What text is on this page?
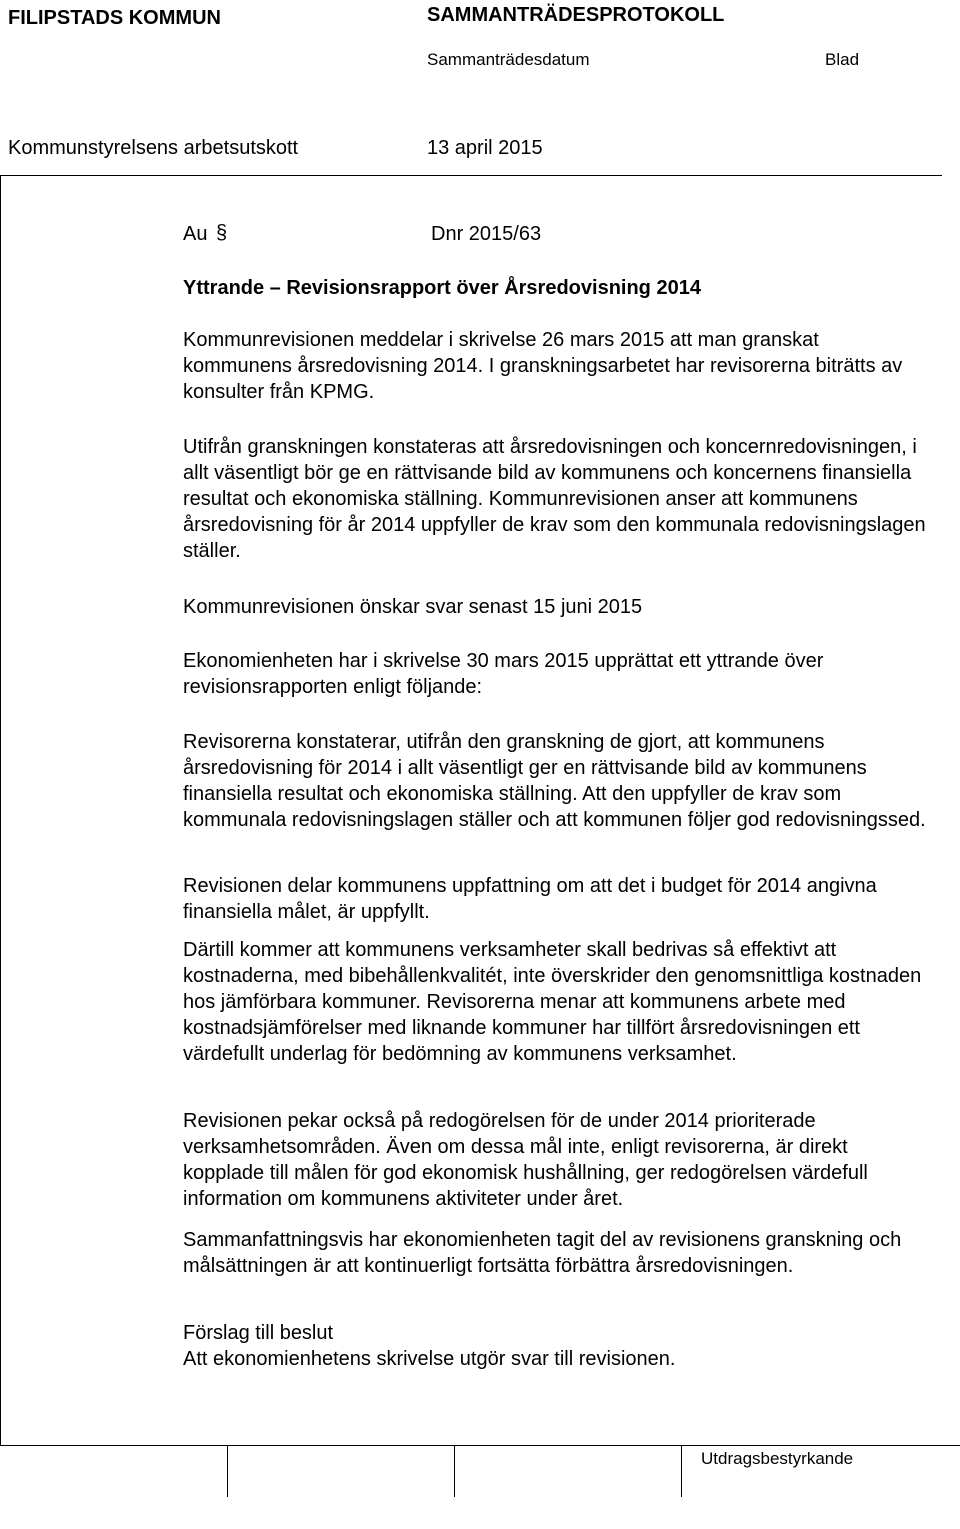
FILIPSTADS KOMMUN	SAMMANTRÄDESPROTOKOLL
Sammanträdesdatum	Blad
Kommunstyrelsens arbetsutskott	13 april 2015
Au §	Dnr 2015/63
Yttrande – Revisionsrapport över Årsredovisning 2014

Kommunrevisionen meddelar i skrivelse 26 mars 2015 att man granskat kommunens årsredovisning 2014. I granskningsarbetet har revisorerna biträtts av konsulter från KPMG.

Utifrån granskningen konstateras att årsredovisningen och koncernredovisningen, i allt väsentligt bör ge en rättvisande bild av kommunens och koncernens finansiella resultat och ekonomiska ställning. Kommunrevisionen anser att kommunens årsredovisning för år 2014 uppfyller de krav som den kommunala redovisningslagen ställer.

Kommunrevisionen önskar svar senast 15 juni 2015

Ekonomienheten har i skrivelse 30 mars 2015 upprättat ett yttrande över revisionsrapporten enligt följande:

Revisorerna konstaterar, utifrån den granskning de gjort, att kommunens årsredovisning för 2014 i allt väsentligt ger en rättvisande bild av kommunens finansiella resultat och ekonomiska ställning. Att den uppfyller de krav som kommunala redovisningslagen ställer och att kommunen följer god redovisningssed.

Revisionen delar kommunens uppfattning om att det i budget för 2014 angivna finansiella målet, är uppfyllt.

Därtill kommer att kommunens verksamheter skall bedrivas så effektivt att kostnaderna, med bibehållenkvalitét, inte överskrider den genomsnittliga kostnaden hos jämförbara kommuner. Revisorerna menar att kommunens arbete med kostnadsjämförelser med liknande kommuner har tillfört årsredovisningen ett värdefullt underlag för bedömning av kommunens verksamhet.

Revisionen pekar också på redogörelsen för de under 2014 prioriterade verksamhetsområden. Även om dessa mål inte, enligt revisorerna, är direkt kopplade till målen för god ekonomisk hushållning, ger redogörelsen värdefull information om kommunens aktiviteter under året.

Sammanfattningsvis har ekonomienheten tagit del av revisionens granskning och målsättningen är att kontinuerligt fortsätta förbättra årsredovisningen.

Förslag till beslut

Att ekonomienhetens skrivelse utgör svar till revisionen.

Utdragsbestyrkande
